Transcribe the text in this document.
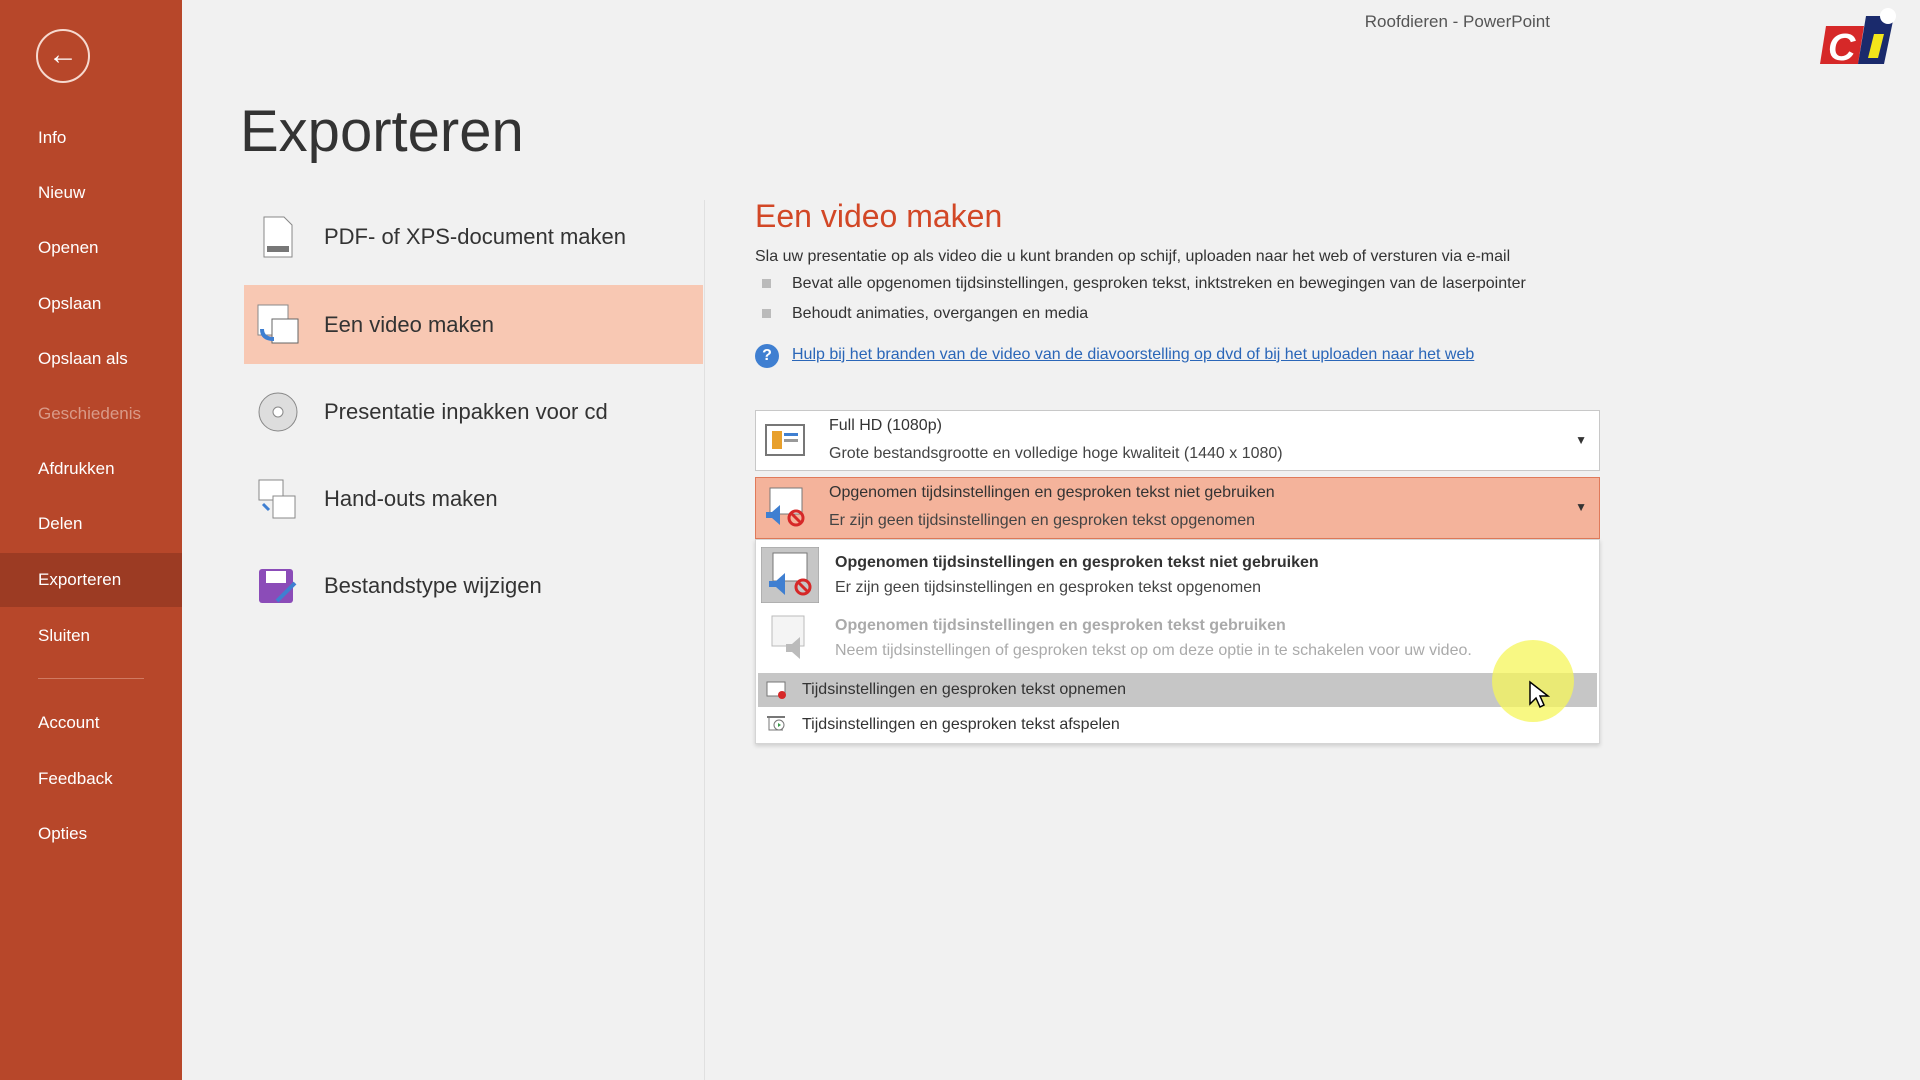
←
Info
Nieuw
Openen
Opslaan
Opslaan als
Geschiedenis
Afdrukken
Delen
Exporteren
Sluiten
Account
Feedback
Opties
Roofdieren - PowerPoint
C
Exporteren
PDF- of XPS-document maken
Een video maken
Presentatie inpakken voor cd
Hand-outs maken
Bestandstype wijzigen
Een video maken
Sla uw presentatie op als video die u kunt branden op schijf, uploaden naar het web of versturen via e-mail
Bevat alle opgenomen tijdsinstellingen, gesproken tekst, inktstreken en bewegingen van de laserpointer
Behoudt animaties, overgangen en media
?	Hulp bij het branden van de video van de diavoorstelling op dvd of bij het uploaden naar het web
Full HD (1080p)
Grote bestandsgrootte en volledige hoge kwaliteit (1440 x 1080)
▼
Opgenomen tijdsinstellingen en gesproken tekst niet gebruiken
Er zijn geen tijdsinstellingen en gesproken tekst opgenomen
▼
Opgenomen tijdsinstellingen en gesproken tekst niet gebruiken
Er zijn geen tijdsinstellingen en gesproken tekst opgenomen
Opgenomen tijdsinstellingen en gesproken tekst gebruiken
Neem tijdsinstellingen of gesproken tekst op om deze optie in te schakelen voor uw video.
Tijdsinstellingen en gesproken tekst opnemen
Tijdsinstellingen en gesproken tekst afspelen
